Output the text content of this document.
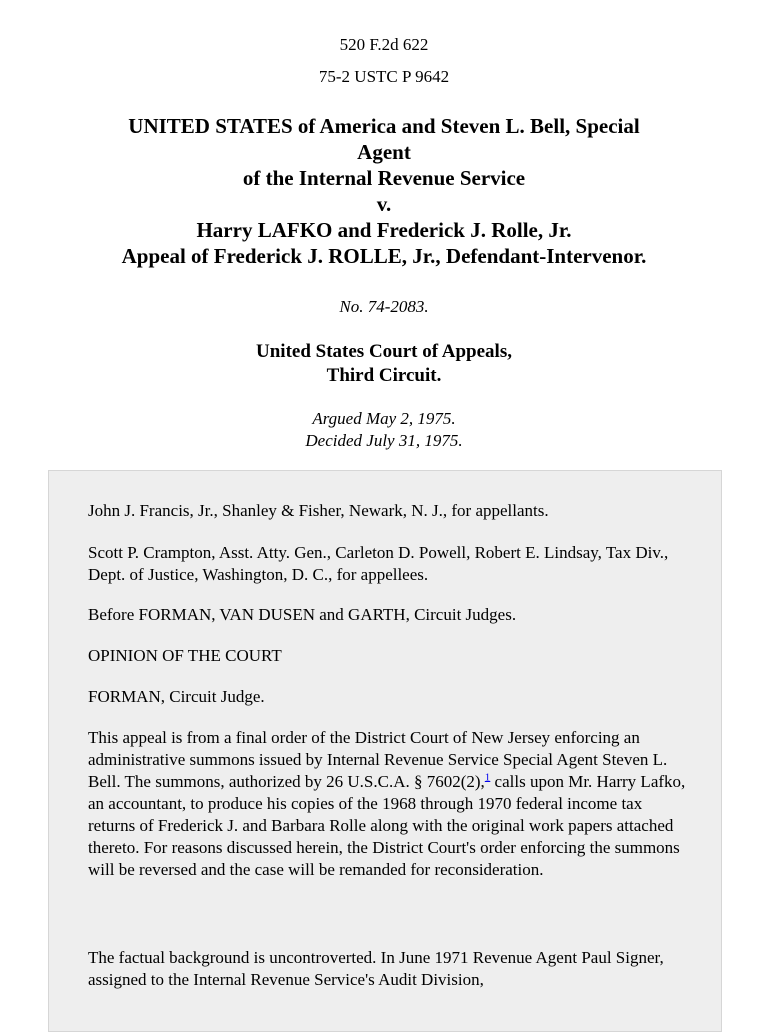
520 F.2d 622

75-2 USTC P 9642

UNITED STATES of America and Steven L. Bell, Special
Agent
of the Internal Revenue Service
v.
Harry LAFKO and Frederick J. Rolle, Jr.
Appeal of Frederick J. ROLLE, Jr., Defendant-Intervenor.

No. 74-2083.

United States Court of Appeals,
Third Circuit.
Argued May 2, 1975.
Decided July 31, 1975.

John J. Francis, Jr., Shanley & Fisher, Newark, N. J., for appellants.

Scott P. Crampton, Asst. Atty. Gen., Carleton D. Powell, Robert E. Lindsay, Tax Div., Dept. of Justice, Washington, D. C., for appellees.

Before FORMAN, VAN DUSEN and GARTH, Circuit Judges.

OPINION OF THE COURT

FORMAN, Circuit Judge.

This appeal is from a final order of the District Court of New Jersey enforcing an administrative summons issued by Internal Revenue Service Special Agent Steven L. Bell. The summons, authorized by 26 U.S.C.A. § 7602(2),$^1$ calls upon Mr. Harry Lafko, an accountant, to produce his copies of the 1968 through 1970 federal income tax returns of Frederick J. and Barbara Rolle along with the original work papers attached thereto. For reasons discussed herein, the District Court's order enforcing the summons will be reversed and the case will be remanded for reconsideration.

The factual background is uncontroverted. In June 1971 Revenue Agent Paul Signer, assigned to the Internal Revenue Service's Audit Division,
